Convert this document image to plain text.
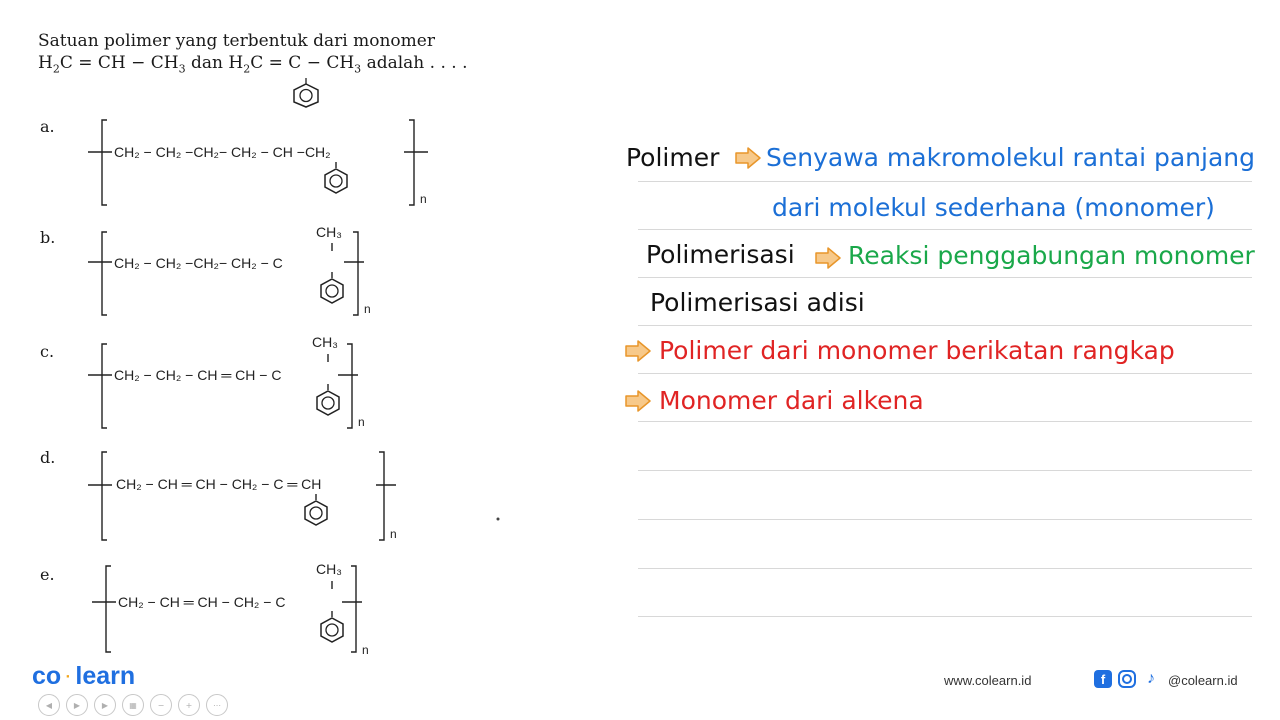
Satuan polimer yang terbentuk dari monomer
$H_2C$ = CH − $CH_3$ dan $H_2C = C - CH_3$ adalah . . . .
a.
b.
c.
d.
e.
CH₂ − CH₂ −CH₂− CH₂ − CH −CH₂
CH₂ − CH₂ −CH₂− CH₂ − C
CH₂ − CH₂ − CH ═ CH − C
CH₂ − CH ═ CH − CH₂ − C ═ CH
CH₂ − CH ═ CH − CH₂ − C
CH₃
CH₃
CH₃
n
n
n
n
n
Polimer Senyawa makromolekul rantai panjang
dari molekul sederhana (monomer)
Polimerisasi Reaksi penggabungan monomer
Polimerisasi adisi
Polimer dari monomer berikatan rangkap
Monomer dari alkena
co · learn
◀	▶	▶	▦	−	+	⋯
www.colearn.id	f	♪	@colearn.id
